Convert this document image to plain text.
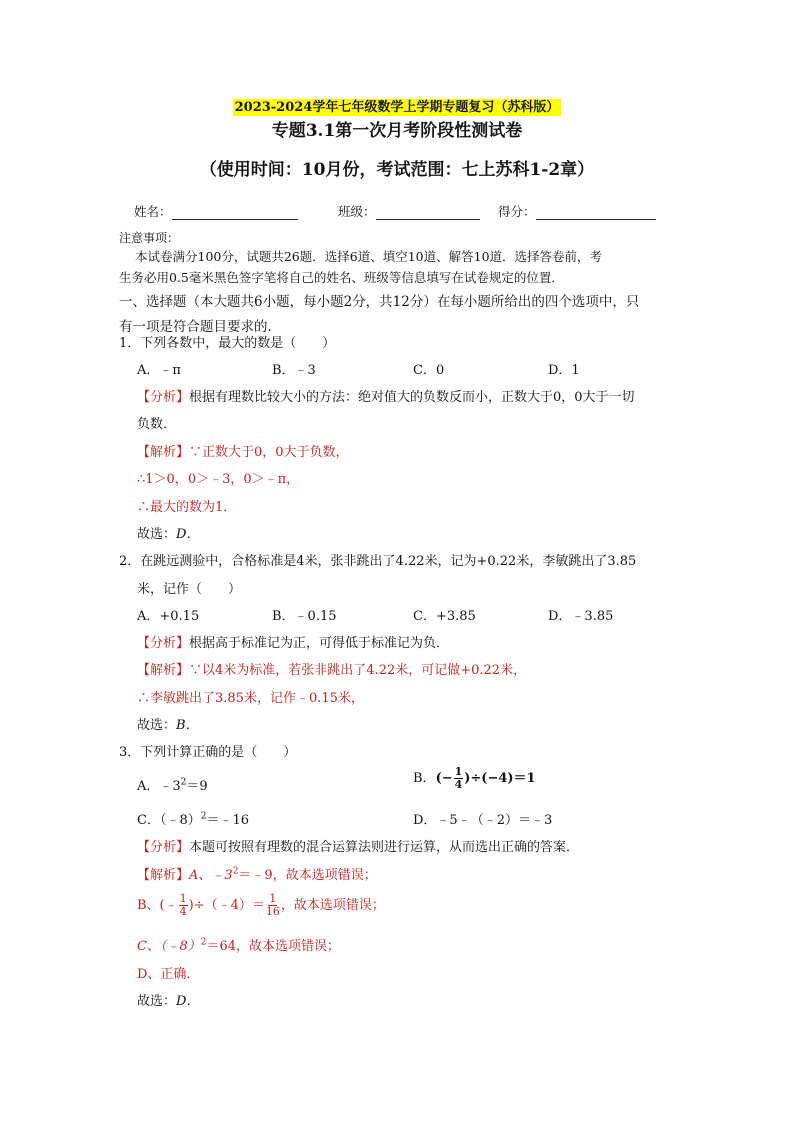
2023-2024学年七年级数学上学期专题复习（苏科版）
专题3.1第一次月考阶段性测试卷
（使用时间：10月份，考试范围：七上苏科1-2章）
姓名：	班级：	得分：
注意事项：
本试卷满分100分，试题共26题．选择6道、填空10道、解答10道．选择答卷前，考
生务必用0.5毫米黑色签字笔将自己的姓名、班级等信息填写在试卷规定的位置．
一、选择题（本大题共6小题，每小题2分，共12分）在每小题所给出的四个选项中，只
有一项是符合题目要求的．
1．下列各数中，最大的数是（　　）
A．﹣π	B．﹣3	C．0	D．1
【分析】根据有理数比较大小的方法：绝对值大的负数反而小，正数大于0，0大于一切
负数．
【解析】∵正数大于0，0大于负数，
∴1＞0，0＞﹣3，0＞﹣π，
∴最大的数为1．
故选：D．
2．在跳远测验中，合格标准是4米，张非跳出了4.22米，记为+0.22米，李敏跳出了3.85
米，记作（　　）
A．+0.15	B．﹣0.15	C．+3.85	D．﹣3.85
【分析】根据高于标准记为正，可得低于标准记为负．
【解析】∵以4米为标准，若张非跳出了4.22米，可记做+0.22米，
∴李敏跳出了3.85米，记作﹣0.15米，
故选：B．
3．下列计算正确的是（　　）
A．$﹣3^2=9$
B．(− $\frac{1}{4} )\div(-4)=1$
C．（﹣8）$^2$＝﹣16	D．﹣5﹣（﹣2）＝﹣3
【分析】本题可按照有理数的混合运算法则进行运算，从而选出正确的答案．
【解析】A、$﹣3^2=﹣9$，故本选项错误；
B、(﹣ $\frac{1}{4}$ )÷（﹣4）＝ $\frac{1}{16}$ ，故本选项错误；
C、（﹣8）$^2$＝64，故本选项错误；
D、正确．
故选：D．
